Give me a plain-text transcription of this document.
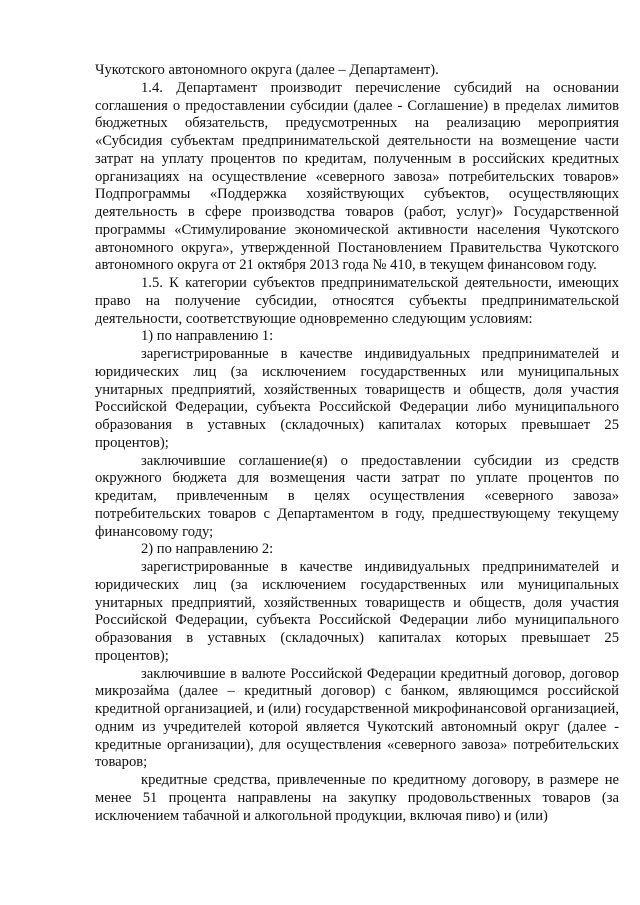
Чукотского автономного округа (далее – Департамент).

1.4. Департамент производит перечисление субсидий на основании соглашения о предоставлении субсидии (далее - Соглашение) в пределах лимитов бюджетных обязательств, предусмотренных на реализацию мероприятия «Субсидия субъектам предпринимательской деятельности на возмещение части затрат на уплату процентов по кредитам, полученным в российских кредитных организациях на осуществление «северного завоза» потребительских товаров» Подпрограммы «Поддержка хозяйствующих субъектов, осуществляющих деятельность в сфере производства товаров (работ, услуг)» Государственной программы «Стимулирование экономической активности населения Чукотского автономного округа», утвержденной Постановлением Правительства Чукотского автономного округа от 21 октября 2013 года № 410, в текущем финансовом году.

1.5. К категории субъектов предпринимательской деятельности, имеющих право на получение субсидии, относятся субъекты предпринимательской деятельности, соответствующие одновременно следующим условиям:

1) по направлению 1:

зарегистрированные в качестве индивидуальных предпринимателей и юридических лиц (за исключением государственных или муниципальных унитарных предприятий, хозяйственных товариществ и обществ, доля участия Российской Федерации, субъекта Российской Федерации либо муниципального образования в уставных (складочных) капиталах которых превышает 25 процентов);

заключившие соглашение(я) о предоставлении субсидии из средств окружного бюджета для возмещения части затрат по уплате процентов по кредитам, привлеченным в целях осуществления «северного завоза» потребительских товаров с Департаментом в году, предшествующему текущему финансовому году;

2) по направлению 2:

зарегистрированные в качестве индивидуальных предпринимателей и юридических лиц (за исключением государственных или муниципальных унитарных предприятий, хозяйственных товариществ и обществ, доля участия Российской Федерации, субъекта Российской Федерации либо муниципального образования в уставных (складочных) капиталах которых превышает 25 процентов);

заключившие в валюте Российской Федерации кредитный договор, договор микрозайма (далее – кредитный договор) с банком, являющимся российской кредитной организацией, и (или) государственной микрофинансовой организацией, одним из учредителей которой является Чукотский автономный округ (далее - кредитные организации), для осуществления «северного завоза» потребительских товаров;

кредитные средства, привлеченные по кредитному договору, в размере не менее 51 процента направлены на закупку продовольственных товаров (за исключением табачной и алкогольной продукции, включая пиво) и (или)
